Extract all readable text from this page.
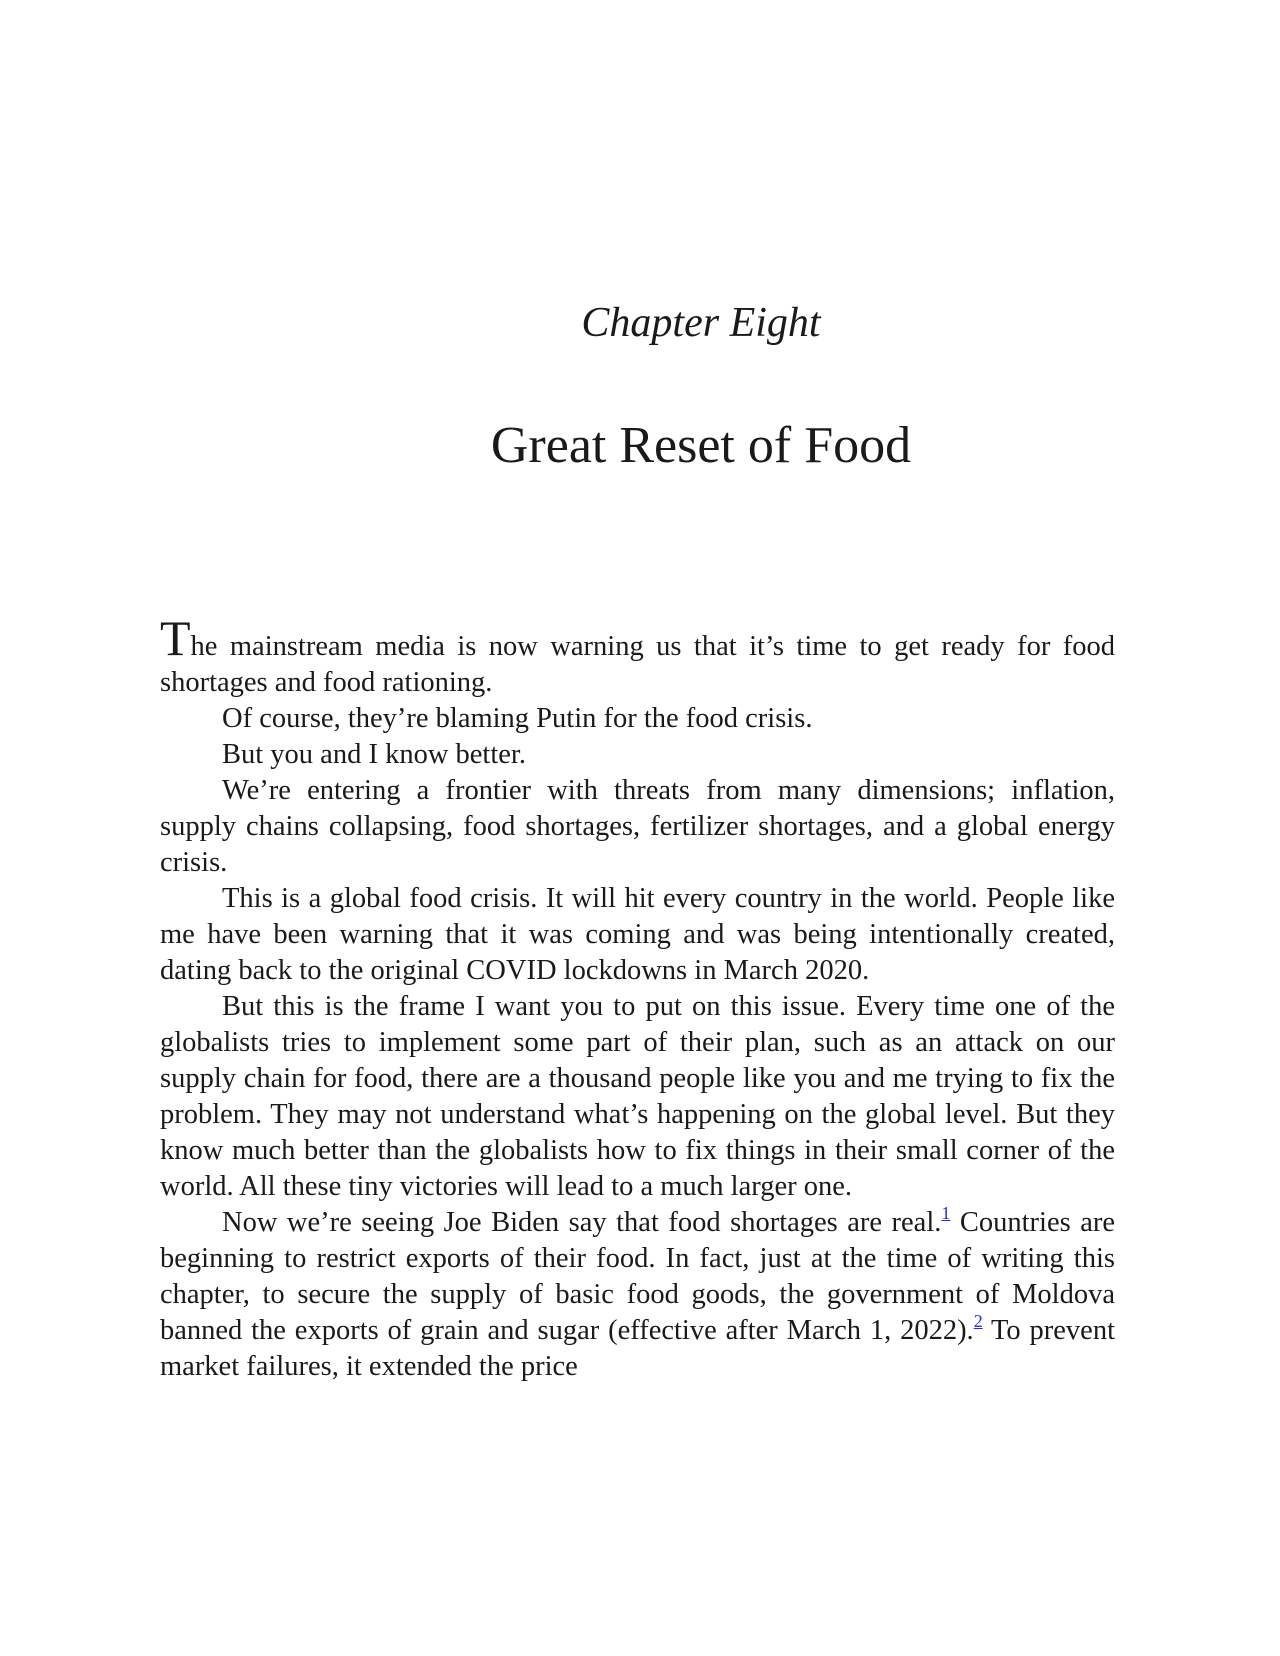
Chapter Eight
Great Reset of Food

The mainstream media is now warning us that it’s time to get ready for food shortages and food rationing.

Of course, they’re blaming Putin for the food crisis.

But you and I know better.

We’re entering a frontier with threats from many dimensions; inflation, supply chains collapsing, food shortages, fertilizer shortages, and a global energy crisis.

This is a global food crisis. It will hit every country in the world. People like me have been warning that it was coming and was being intentionally created, dating back to the original COVID lockdowns in March 2020.

But this is the frame I want you to put on this issue. Every time one of the globalists tries to implement some part of their plan, such as an attack on our supply chain for food, there are a thousand people like you and me trying to fix the problem. They may not understand what’s happening on the global level. But they know much better than the globalists how to fix things in their small corner of the world. All these tiny victories will lead to a much larger one.

Now we’re seeing Joe Biden say that food shortages are real.$^1$ Countries are beginning to restrict exports of their food. In fact, just at the time of writing this chapter, to secure the supply of basic food goods, the government of Moldova banned the exports of grain and sugar (effective after March 1, 2022).$^2$ To prevent market failures, it extended the price
